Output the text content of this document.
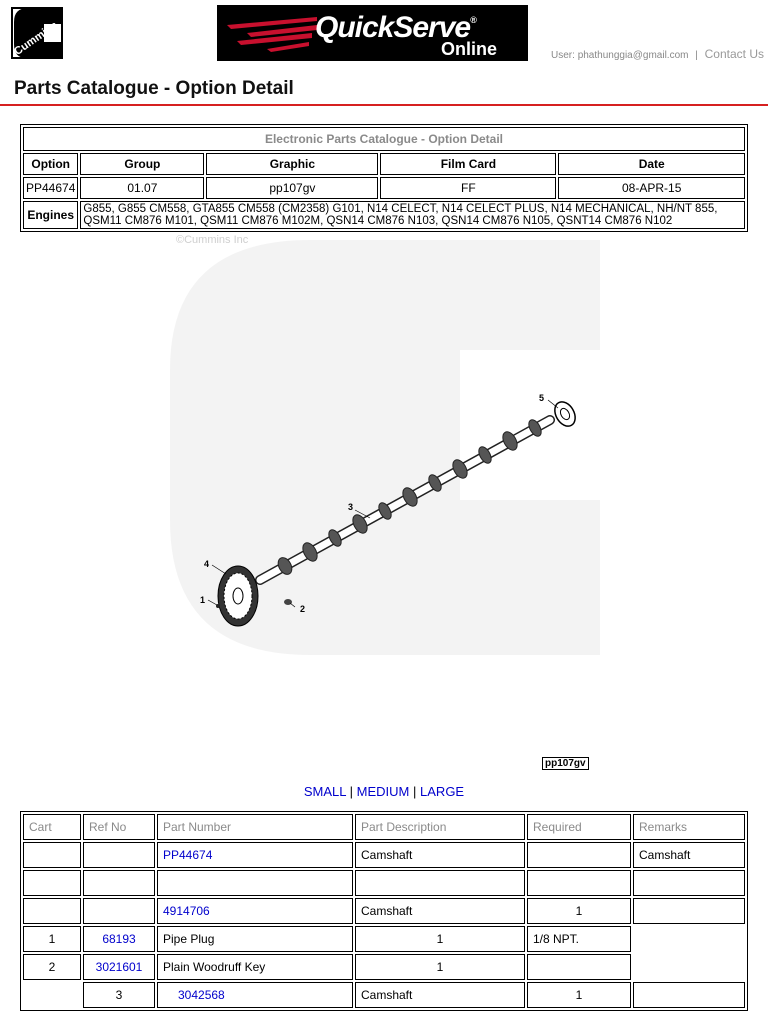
Cummins	QuickServe®
Online	User: phathunggia@gmail.com | Contact Us
Parts Catalogue - Option Detail
Electronic Parts Catalogue - Option Detail				
Option	Group	Graphic	Film Card	Date
PP44674	01.07	pp107gv	FF	08-APR-15
Engines	G855, G855 CM558, GTA855 CM558 (CM2358) G101, N14 CELECT, N14 CELECT PLUS, N14 MECHANICAL, NH/NT 855, QSM11 CM876 M101, QSM11 CM876 M102M, QSN14 CM876 N103, QSN14 CM876 N105, QSNT14 CM876 N102			
©Cummins Inc
1
2
3
4
5
pp107gv
SMALL | MEDIUM | LARGE
Cart	Ref No	Part Number	Part Description	Required	Remarks
		PP44674	Camshaft		Camshaft

		4914706	Camshaft	1	
1	68193	Pipe Plug	1	1/8 NPT.	
2	3021601	Plain Woodruff Key	1		
	3	3042568	Camshaft	1	
